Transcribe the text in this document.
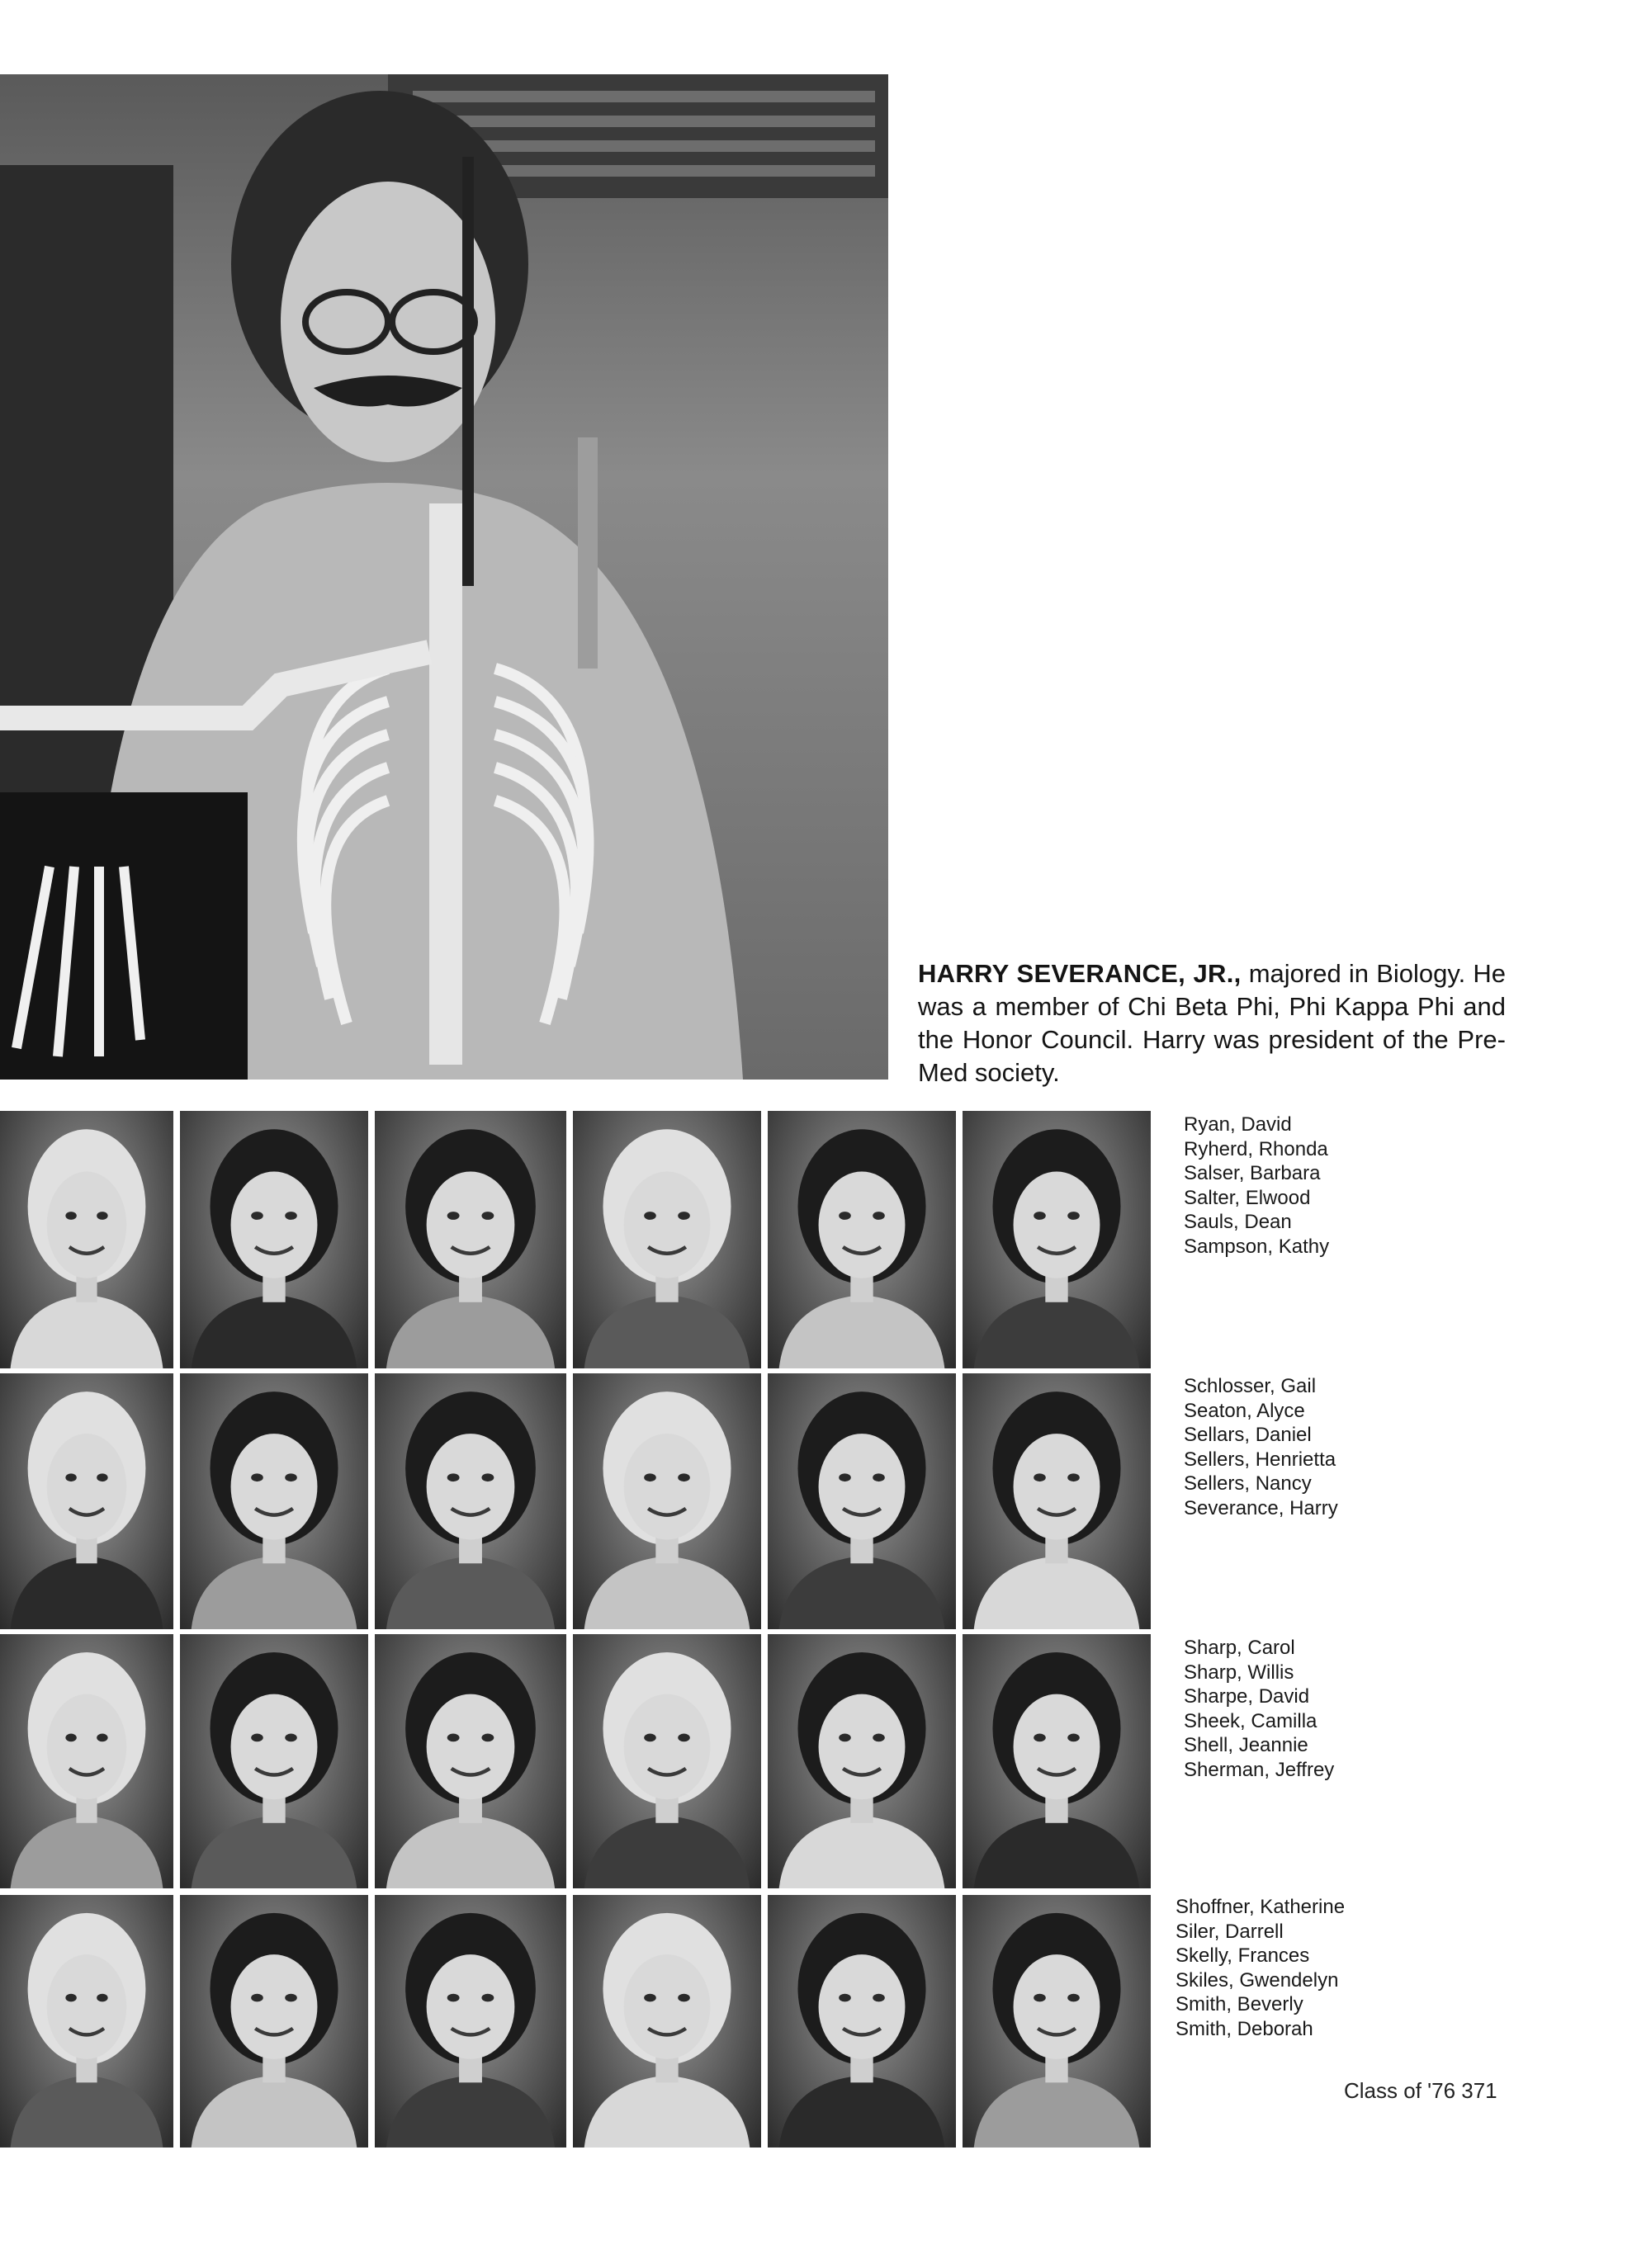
HARRY SEVERANCE, JR., majored in Biology. He was a member of Chi Beta Phi, Phi Kappa Phi and the Honor Council. Harry was president of the Pre-Med society.

Ryan, David
Ryherd, Rhonda
Salser, Barbara
Salter, Elwood
Sauls, Dean
Sampson, Kathy
Schlosser, Gail
Seaton, Alyce
Sellars, Daniel
Sellers, Henrietta
Sellers, Nancy
Severance, Harry
Sharp, Carol
Sharp, Willis
Sharpe, David
Sheek, Camilla
Shell, Jeannie
Sherman, Jeffrey
Shoffner, Katherine
Siler, Darrell
Skelly, Frances
Skiles, Gwendelyn
Smith, Beverly
Smith, Deborah
Class of '76 371
